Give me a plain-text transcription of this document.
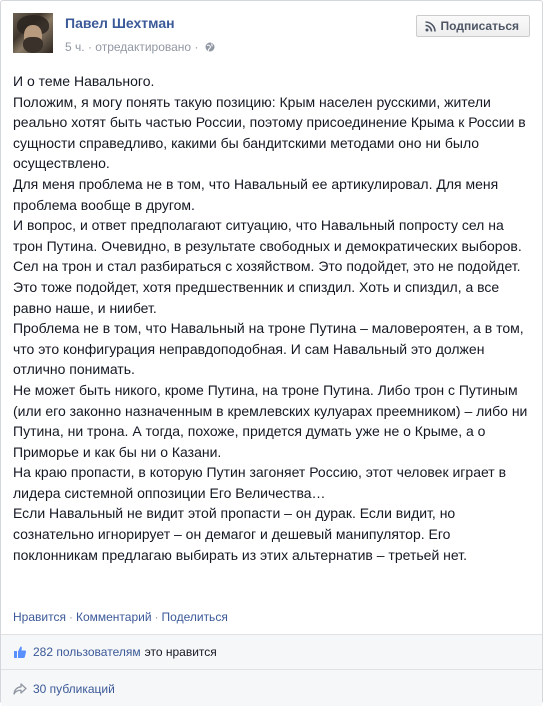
Павел Шехтман
5 ч. · отредактировано ·
Подписаться

И о теме Навального.

Положим, я могу понять такую позицию: Крым населен русскими, жители реально хотят быть частью России, поэтому присоединение Крыма к России в сущности справедливо, какими бы бандитскими методами оно ни было осуществлено.

Для меня проблема не в том, что Навальный ее артикулировал. Для меня проблема вообще в другом.

И вопрос, и ответ предполагают ситуацию, что Навальный попросту сел на трон Путина. Очевидно, в результате свободных и демократических выборов. Сел на трон и стал разбираться с хозяйством. Это подойдет, это не подойдет. Это тоже подойдет, хотя предшественник и спиздил. Хоть и спиздил, а все равно наше, и ниибет.

Проблема не в том, что Навальный на троне Путина – маловероятен, а в том, что это конфигурация неправдоподобная. И сам Навальный это должен отлично понимать.

Не может быть никого, кроме Путина, на троне Путина. Либо трон с Путиным (или его законно назначенным в кремлевских кулуарах преемником) – либо ни Путина, ни трона. А тогда, похоже, придется думать уже не о Крыме, а о Приморье и как бы ни о Казани.

На краю пропасти, в которую Путин загоняет Россию, этот человек играет в лидера системной оппозиции Его Величества…

Если Навальный не видит этой пропасти – он дурак. Если видит, но сознательно игнорирует – он демагог и дешевый манипулятор. Его поклонникам предлагаю выбирать из этих альтернатив – третьей нет.

Нравится · Комментарий · Поделиться
282 пользователям это нравится
30 публикаций
